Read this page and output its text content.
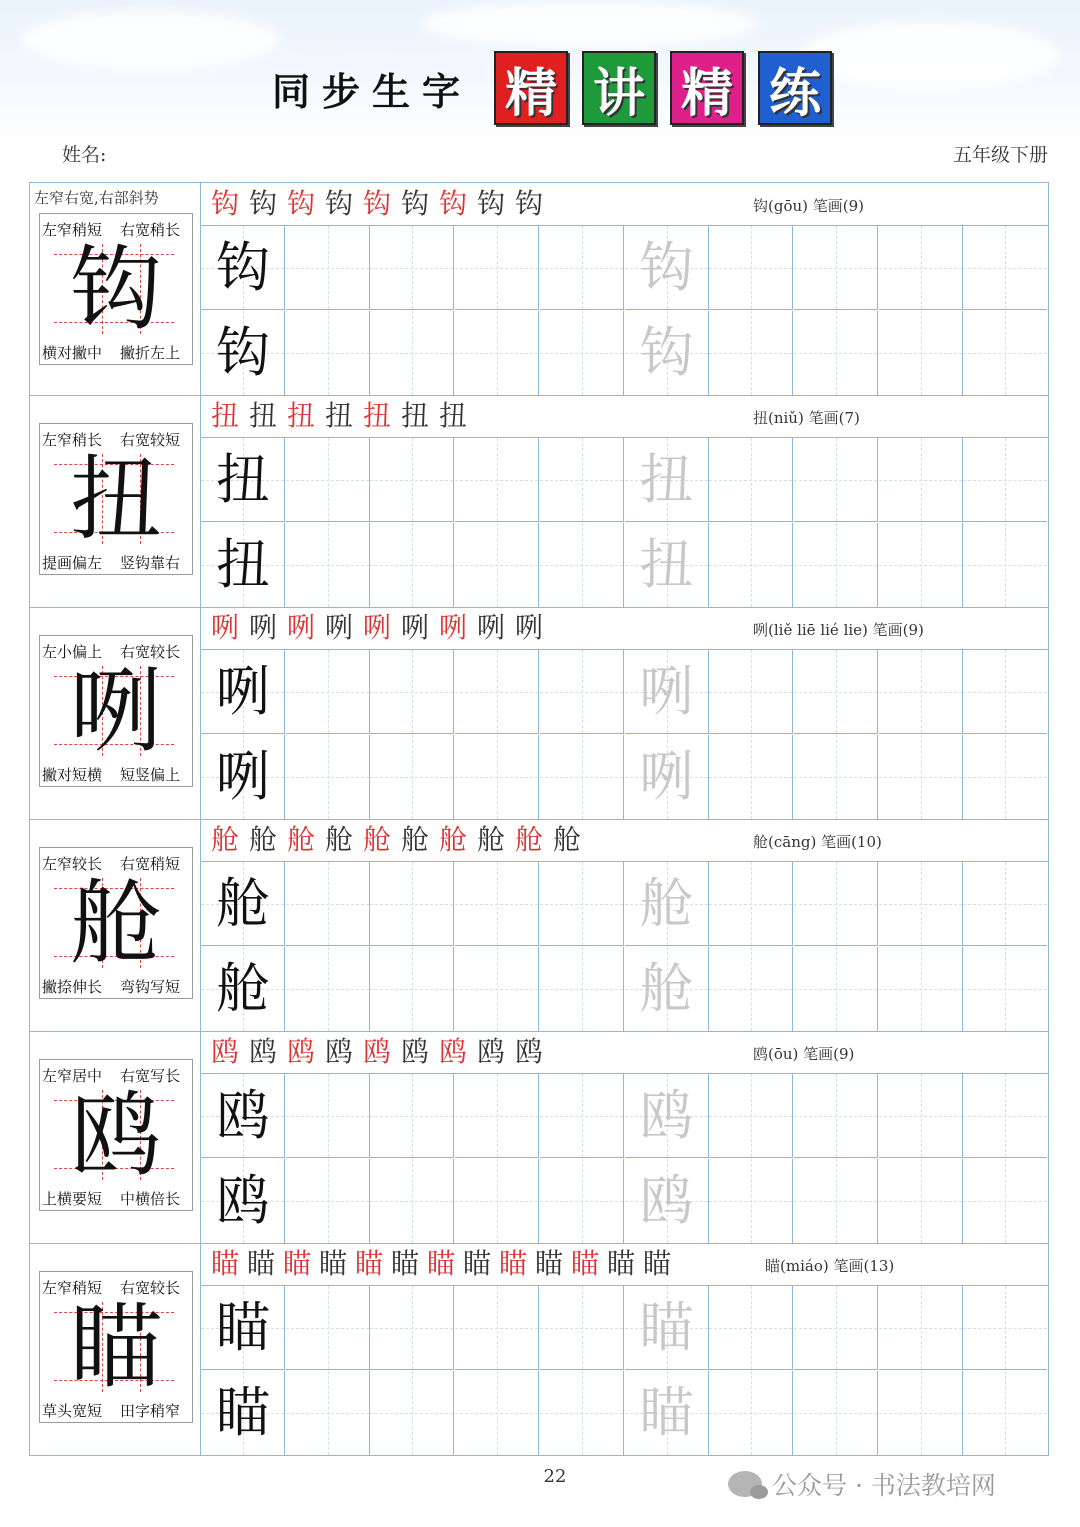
同步生字 精 讲 精 练
姓名:	五年级下册
左窄右宽,右部斜势
左窄稍短 右宽稍长
横对撇中 撇折左上
钩
钩 钩 钩 钩 钩 钩 钩 钩 钩	钩(gōu) 笔画(9)
钩	钩
钩	钩
左窄稍长 右宽较短
提画偏左 竖钩靠右
扭
扭 扭 扭 扭 扭 扭 扭	扭(niǔ) 笔画(7)
扭	扭
扭	扭
左小偏上 右宽较长
撇对短横 短竖偏上
咧
咧 咧 咧 咧 咧 咧 咧 咧 咧	咧(liě liē lié lie) 笔画(9)
咧	咧
咧	咧
左窄较长 右宽稍短
撇捺伸长 弯钩写短
舱
舱 舱 舱 舱 舱 舱 舱 舱 舱 舱	舱(cāng) 笔画(10)
舱	舱
舱	舱
左窄居中 右宽写长
上横要短 中横倍长
鸥
鸥 鸥 鸥 鸥 鸥 鸥 鸥 鸥 鸥	鸥(ōu) 笔画(9)
鸥	鸥
鸥	鸥
左窄稍短 右宽较长
草头宽短 田字稍窄
瞄
瞄 瞄 瞄 瞄 瞄 瞄 瞄 瞄 瞄 瞄 瞄 瞄 瞄	瞄(miáo) 笔画(13)
瞄	瞄
瞄	瞄
22	公众号 · 书法教培网
